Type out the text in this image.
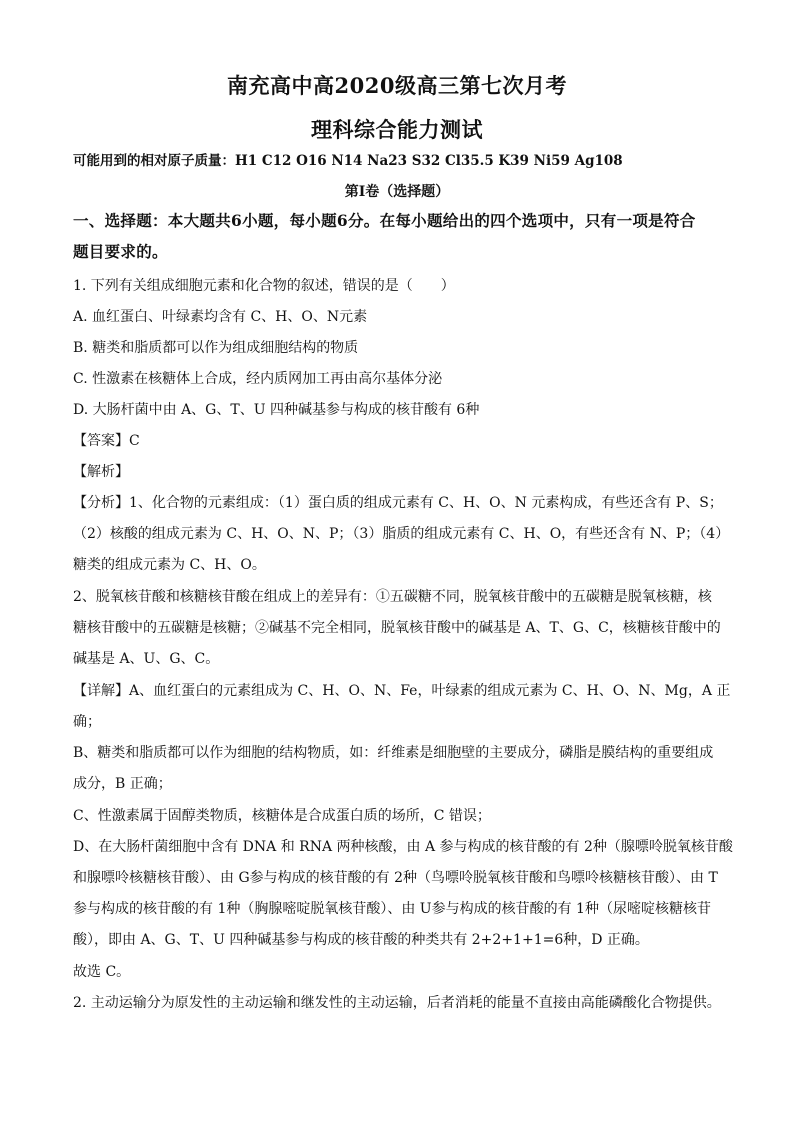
南充高中高2020级高三第七次月考
理科综合能力测试
可能用到的相对原子质量：H1 C12 O16 N14 Na23 S32 Cl35.5 K39 Ni59 Ag108
第Ⅰ卷（选择题）
一、选择题：本大题共6小题，每小题6分。在每小题给出的四个选项中，只有一项是符合
题目要求的。
1. 下列有关组成细胞元素和化合物的叙述，错误的是（　　）
A. 血红蛋白、叶绿素均含有 C、H、O、N元素
B. 糖类和脂质都可以作为组成细胞结构的物质
C. 性激素在核糖体上合成，经内质网加工再由高尔基体分泌
D. 大肠杆菌中由 A、G、T、U 四种碱基参与构成的核苷酸有 6种
【答案】C
【解析】
【分析】1、化合物的元素组成：（1）蛋白质的组成元素有 C、H、O、N 元素构成，有些还含有 P、S；
（2）核酸的组成元素为 C、H、O、N、P；（3）脂质的组成元素有 C、H、O，有些还含有 N、P；（4）
糖类的组成元素为 C、H、O。
2、脱氧核苷酸和核糖核苷酸在组成上的差异有：①五碳糖不同，脱氧核苷酸中的五碳糖是脱氧核糖，核
糖核苷酸中的五碳糖是核糖；②碱基不完全相同，脱氧核苷酸中的碱基是 A、T、G、C，核糖核苷酸中的
碱基是 A、U、G、C。
【详解】A、血红蛋白的元素组成为 C、H、O、N、Fe，叶绿素的组成元素为 C、H、O、N、Mg，A 正
确；
B、糖类和脂质都可以作为细胞的结构物质，如：纤维素是细胞壁的主要成分，磷脂是膜结构的重要组成
成分，B 正确；
C、性激素属于固醇类物质，核糖体是合成蛋白质的场所，C 错误；
D、在大肠杆菌细胞中含有 DNA 和 RNA 两种核酸，由 A 参与构成的核苷酸的有 2种（腺嘌呤脱氧核苷酸
和腺嘌呤核糖核苷酸）、由 G参与构成的核苷酸的有 2种（鸟嘌呤脱氧核苷酸和鸟嘌呤核糖核苷酸）、由 T
参与构成的核苷酸的有 1种（胸腺嘧啶脱氧核苷酸）、由 U参与构成的核苷酸的有 1种（尿嘧啶核糖核苷
酸），即由 A、G、T、U 四种碱基参与构成的核苷酸的种类共有 2+2+1+1=6种，D 正确。
故选 C。
2. 主动运输分为原发性的主动运输和继发性的主动运输，后者消耗的能量不直接由高能磷酸化合物提供。
